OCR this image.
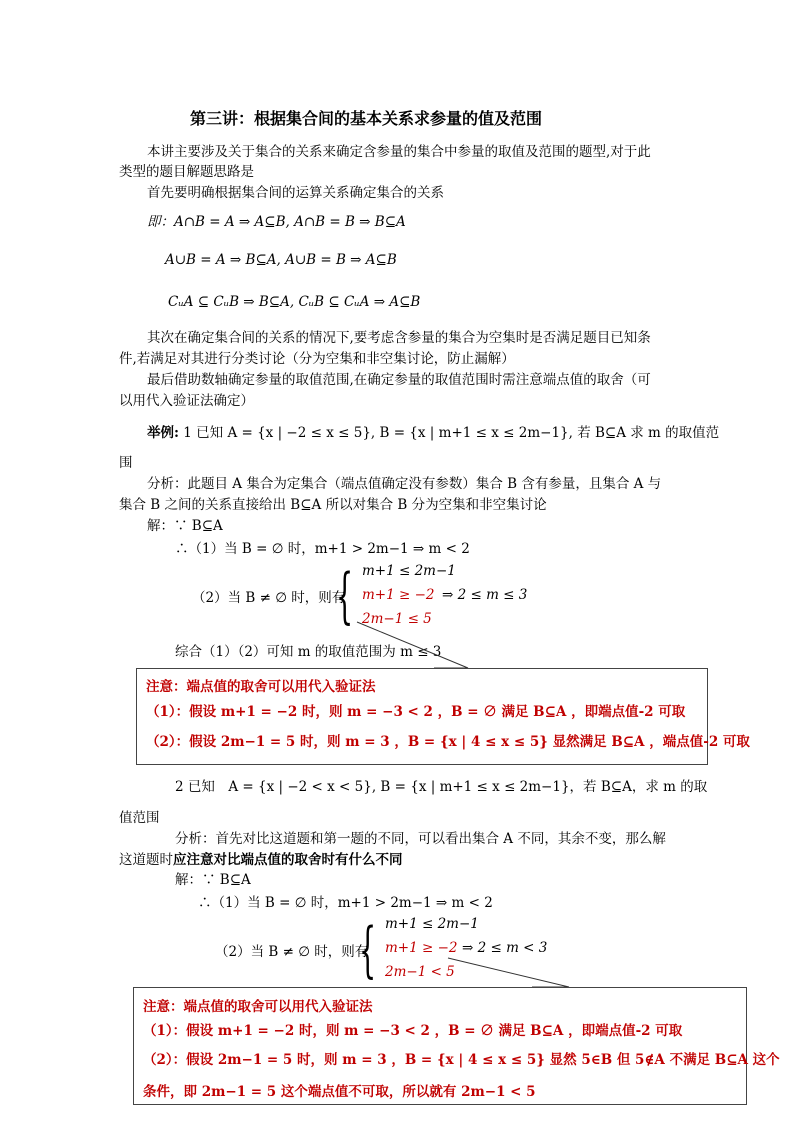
第三讲：根据集合间的基本关系求参量的值及范围
本讲主要涉及关于集合的关系来确定含参量的集合中参量的取值及范围的题型,对于此
类型的题目解题思路是
首先要明确根据集合间的运算关系确定集合的关系
即：A∩B = A ⇒ A⊆B, A∩B = B ⇒ B⊆A
A∪B = A ⇒ B⊆A, A∪B = B ⇒ A⊆B
CᵤA ⊆ CᵤB ⇒ B⊆A, CᵤB ⊆ CᵤA ⇒ A⊆B
其次在确定集合间的关系的情况下,要考虑含参量的集合为空集时是否满足题目已知条
件,若满足对其进行分类讨论（分为空集和非空集讨论，防止漏解）
最后借助数轴确定参量的取值范围,在确定参量的取值范围时需注意端点值的取舍（可
以用代入验证法确定）
举例: 1 已知 A = {x | −2 ≤ x ≤ 5}, B = {x | m+1 ≤ x ≤ 2m−1}, 若 B⊆A 求 m 的取值范
围
分析：此题目 A 集合为定集合（端点值确定没有参数）集合 B 含有参量，且集合 A 与
集合 B 之间的关系直接给出 B⊆A 所以对集合 B 分为空集和非空集讨论
解：∵ B⊆A
∴（1）当 B = ∅ 时，m+1 > 2m−1 ⇒ m < 2
（2）当 B ≠ ∅ 时，则有
{ m+1 ≤ 2m−1
m+1 ≥ −2
2m−1 ≤ 5
⇒ 2 ≤ m ≤ 3
综合（1）（2）可知 m 的取值范围为 m ≤ 3
注意：端点值的取舍可以用代入验证法
（1）：假设 m+1 = −2 时，则 m = −3 < 2 ，B = ∅ 满足 B⊆A ，即端点值-2 可取
（2）：假设 2m−1 = 5 时，则 m = 3 ，B = {x | 4 ≤ x ≤ 5} 显然满足 B⊆A ，端点值-2 可取
2 已知　A = {x | −2 < x < 5}, B = {x | m+1 ≤ x ≤ 2m−1}，若 B⊆A，求 m 的取
值范围
分析：首先对比这道题和第一题的不同，可以看出集合 A 不同，其余不变，那么解
这道题时应注意对比端点值的取舍时有什么不同
解：∵ B⊆A
∴（1）当 B = ∅ 时，m+1 > 2m−1 ⇒ m < 2
（2）当 B ≠ ∅ 时，则有
{ m+1 ≤ 2m−1
m+1 ≥ −2
2m−1 < 5
⇒ 2 ≤ m < 3
注意：端点值的取舍可以用代入验证法
（1）：假设 m+1 = −2 时，则 m = −3 < 2 ，B = ∅ 满足 B⊆A ，即端点值-2 可取
（2）：假设 2m−1 = 5 时，则 m = 3 ，B = {x | 4 ≤ x ≤ 5} 显然 5∈B 但 5∉A 不满足 B⊆A 这个
条件，即 2m−1 = 5 这个端点值不可取，所以就有 2m−1 < 5
